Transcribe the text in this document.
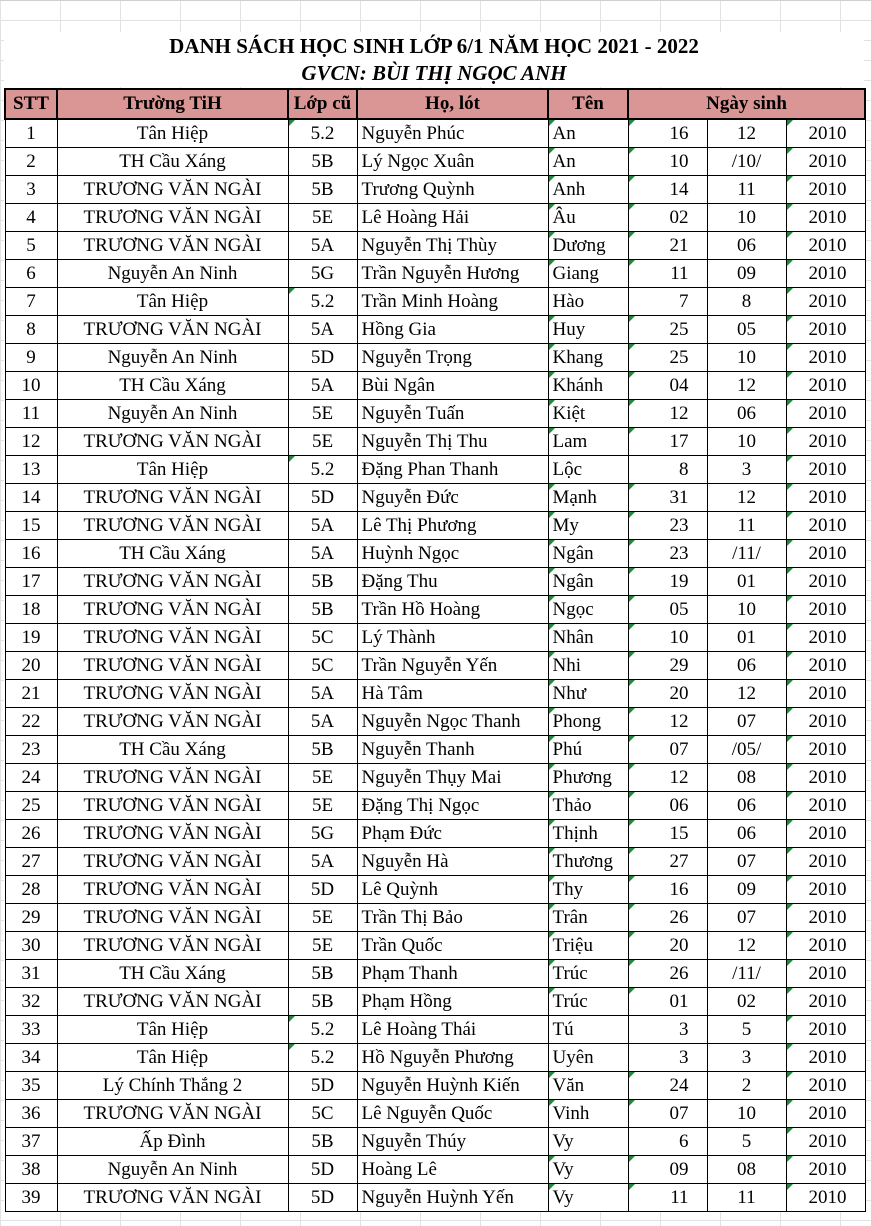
DANH SÁCH HỌC SINH LỚP 6/1 NĂM HỌC 2021 - 2022
GVCN: BÙI THỊ NGỌC ANH
STT	Trường TiH	Lớp cũ	Họ, lót	Tên	Ngày sinh		
1	Tân Hiệp	5.2	Nguyễn Phúc	An	16	12	2010
2	TH Cầu Xáng	5B	Lý Ngọc Xuân	An	10	/10/	2010
3	TRƯƠNG VĂN NGÀI	5B	Trương Quỳnh	Anh	14	11	2010
4	TRƯƠNG VĂN NGÀI	5E	Lê Hoàng Hải	Âu	02	10	2010
5	TRƯƠNG VĂN NGÀI	5A	Nguyễn Thị Thùy	Dương	21	06	2010
6	Nguyễn An Ninh	5G	Trần Nguyễn Hương	Giang	11	09	2010
7	Tân Hiệp	5.2	Trần Minh Hoàng	Hào	7	8	2010
8	TRƯƠNG VĂN NGÀI	5A	Hồng Gia	Huy	25	05	2010
9	Nguyễn An Ninh	5D	Nguyễn Trọng	Khang	25	10	2010
10	TH Cầu Xáng	5A	Bùi Ngân	Khánh	04	12	2010
11	Nguyễn An Ninh	5E	Nguyễn Tuấn	Kiệt	12	06	2010
12	TRƯƠNG VĂN NGÀI	5E	Nguyễn Thị Thu	Lam	17	10	2010
13	Tân Hiệp	5.2	Đặng Phan Thanh	Lộc	8	3	2010
14	TRƯƠNG VĂN NGÀI	5D	Nguyễn Đức	Mạnh	31	12	2010
15	TRƯƠNG VĂN NGÀI	5A	Lê Thị Phương	My	23	11	2010
16	TH Cầu Xáng	5A	Huỳnh Ngọc	Ngân	23	/11/	2010
17	TRƯƠNG VĂN NGÀI	5B	Đặng Thu	Ngân	19	01	2010
18	TRƯƠNG VĂN NGÀI	5B	Trần Hồ Hoàng	Ngọc	05	10	2010
19	TRƯƠNG VĂN NGÀI	5C	Lý Thành	Nhân	10	01	2010
20	TRƯƠNG VĂN NGÀI	5C	Trần Nguyễn Yến	Nhi	29	06	2010
21	TRƯƠNG VĂN NGÀI	5A	Hà Tâm	Như	20	12	2010
22	TRƯƠNG VĂN NGÀI	5A	Nguyễn Ngọc Thanh	Phong	12	07	2010
23	TH Cầu Xáng	5B	Nguyễn Thanh	Phú	07	/05/	2010
24	TRƯƠNG VĂN NGÀI	5E	Nguyễn Thụy Mai	Phương	12	08	2010
25	TRƯƠNG VĂN NGÀI	5E	Đặng Thị Ngọc	Thảo	06	06	2010
26	TRƯƠNG VĂN NGÀI	5G	Phạm Đức	Thịnh	15	06	2010
27	TRƯƠNG VĂN NGÀI	5A	Nguyễn Hà	Thương	27	07	2010
28	TRƯƠNG VĂN NGÀI	5D	Lê Quỳnh	Thy	16	09	2010
29	TRƯƠNG VĂN NGÀI	5E	Trần Thị Bảo	Trân	26	07	2010
30	TRƯƠNG VĂN NGÀI	5E	Trần Quốc	Triệu	20	12	2010
31	TH Cầu Xáng	5B	Phạm Thanh	Trúc	26	/11/	2010
32	TRƯƠNG VĂN NGÀI	5B	Phạm Hồng	Trúc	01	02	2010
33	Tân Hiệp	5.2	Lê Hoàng Thái	Tú	3	5	2010
34	Tân Hiệp	5.2	Hồ Nguyễn Phương	Uyên	3	3	2010
35	Lý Chính Thắng 2	5D	Nguyễn Huỳnh Kiến	Văn	24	2	2010
36	TRƯƠNG VĂN NGÀI	5C	Lê Nguyễn Quốc	Vinh	07	10	2010
37	Ấp Đình	5B	Nguyễn Thúy	Vy	6	5	2010
38	Nguyễn An Ninh	5D	Hoàng Lê	Vy	09	08	2010
39	TRƯƠNG VĂN NGÀI	5D	Nguyễn Huỳnh Yến	Vy	11	11	2010
